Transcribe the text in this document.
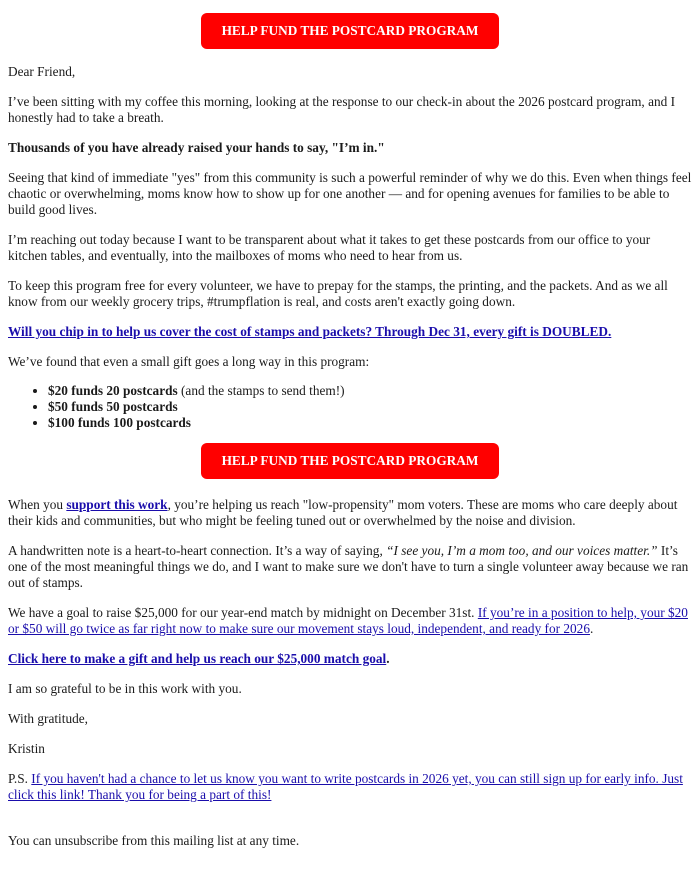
HELP FUND THE POSTCARD PROGRAM

Dear Friend,

I’ve been sitting with my coffee this morning, looking at the response to our check-in about the 2026 postcard program, and I honestly had to take a breath.

Thousands of you have already raised your hands to say, "I’m in."

Seeing that kind of immediate "yes" from this community is such a powerful reminder of why we do this. Even when things feel chaotic or overwhelming, moms know how to show up for one another — and for opening avenues for families to be able to build good lives.

I’m reaching out today because I want to be transparent about what it takes to get these postcards from our office to your kitchen tables, and eventually, into the mailboxes of moms who need to hear from us.

To keep this program free for every volunteer, we have to prepay for the stamps, the printing, and the packets. And as we all know from our weekly grocery trips, #trumpflation is real, and costs aren't exactly going down.

Will you chip in to help us cover the cost of stamps and packets? Through Dec 31, every gift is DOUBLED.

We’ve found that even a small gift goes a long way in this program:

• $20 funds 20 postcards (and the stamps to send them!)
• $50 funds 50 postcards
• $100 funds 100 postcards
HELP FUND THE POSTCARD PROGRAM

When you support this work, you’re helping us reach "low-propensity" mom voters. These are moms who care deeply about their kids and communities, but who might be feeling tuned out or overwhelmed by the noise and division.

A handwritten note is a heart-to-heart connection. It’s a way of saying, “I see you, I’m a mom too, and our voices matter.” It’s one of the most meaningful things we do, and I want to make sure we don't have to turn a single volunteer away because we ran out of stamps.

We have a goal to raise $25,000 for our year-end match by midnight on December 31st. If you’re in a position to help, your $20 or $50 will go twice as far right now to make sure our movement stays loud, independent, and ready for 2026.

Click here to make a gift and help us reach our $25,000 match goal.

I am so grateful to be in this work with you.

With gratitude,

Kristin

P.S. If you haven't had a chance to let us know you want to write postcards in 2026 yet, you can still sign up for early info. Just click this link! Thank you for being a part of this!

You can unsubscribe from this mailing list at any time.
